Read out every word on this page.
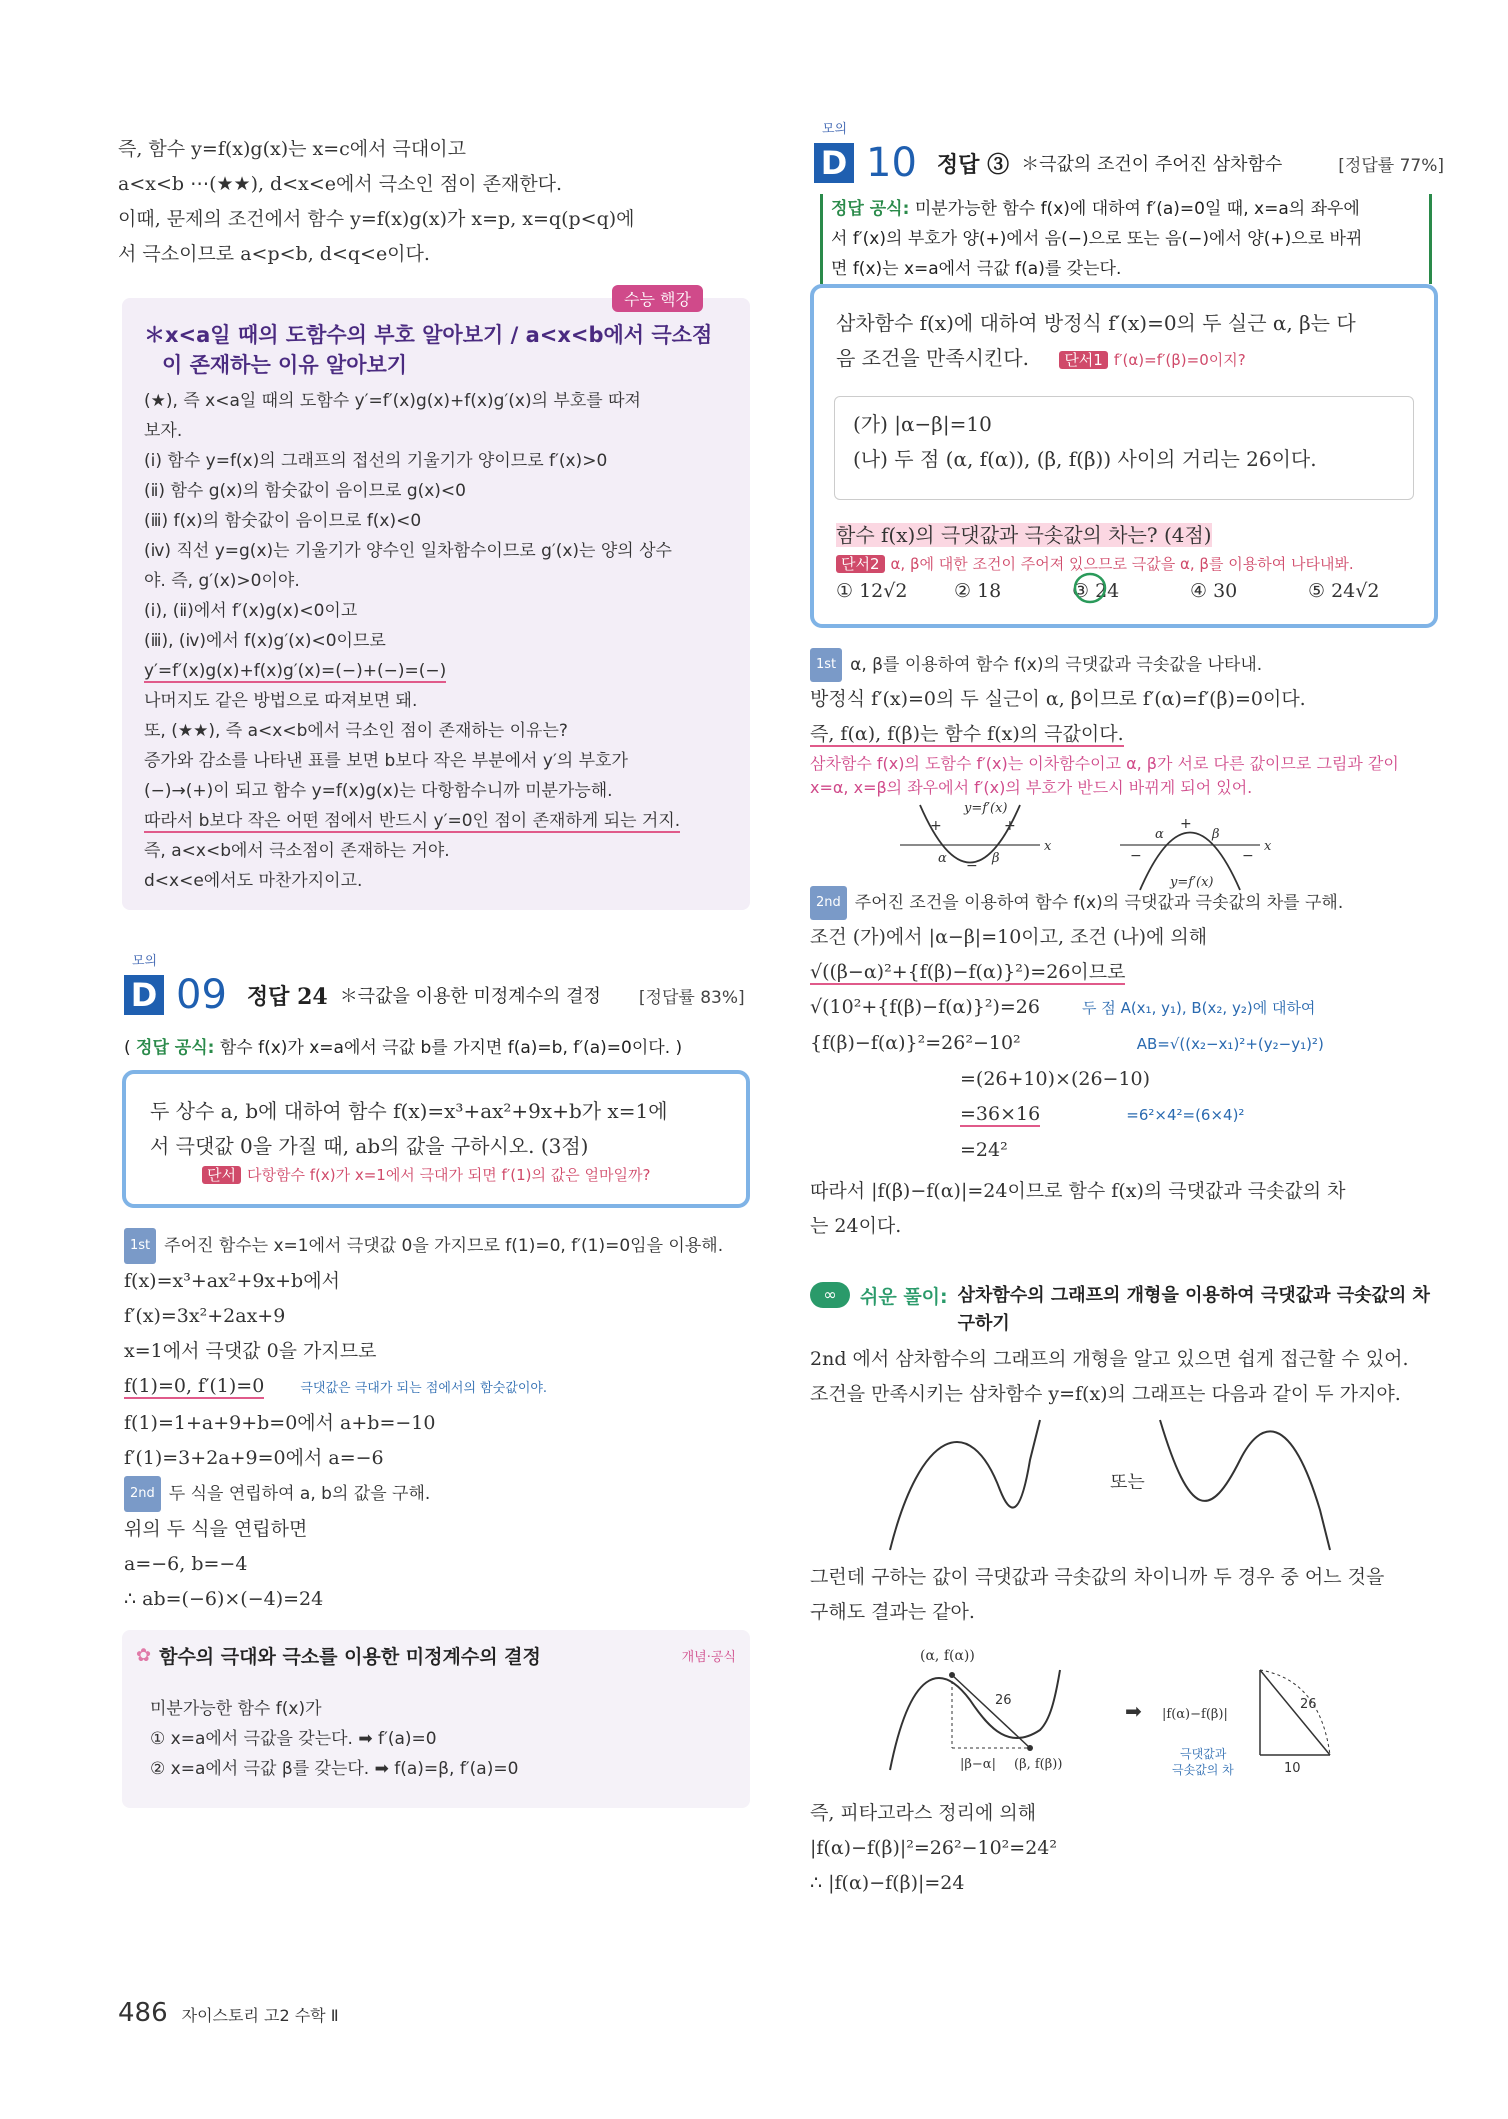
즉, 함수 y=f(x)g(x)는 x=c에서 극대이고
a<x<b ⋯(★★), d<x<e에서 극소인 점이 존재한다.
이때, 문제의 조건에서 함수 y=f(x)g(x)가 x=p, x=q(p<q)에
서 극소이므로 a<p<b, d<q<e이다.
수능 핵강
＊x<a일 때의 도함수의 부호 알아보기 / a<x<b에서 극소점
이 존재하는 이유 알아보기
(★), 즉 x<a일 때의 도함수 y′=f′(x)g(x)+f(x)g′(x)의 부호를 따져
보자.
(ⅰ) 함수 y=f(x)의 그래프의 접선의 기울기가 양이므로 f′(x)>0
(ⅱ) 함수 g(x)의 함숫값이 음이므로 g(x)<0
(ⅲ) f(x)의 함숫값이 음이므로 f(x)<0
(ⅳ) 직선 y=g(x)는 기울기가 양수인 일차함수이므로 g′(x)는 양의 상수
야. 즉, g′(x)>0이야.
(ⅰ), (ⅱ)에서 f′(x)g(x)<0이고
(ⅲ), (ⅳ)에서 f(x)g′(x)<0이므로
y′=f′(x)g(x)+f(x)g′(x)=(−)+(−)=(−)
나머지도 같은 방법으로 따져보면 돼.
또, (★★), 즉 a<x<b에서 극소인 점이 존재하는 이유는?
증가와 감소를 나타낸 표를 보면 b보다 작은 부분에서 y′의 부호가
(−)→(+)이 되고 함수 y=f(x)g(x)는 다항함수니까 미분가능해.
따라서 b보다 작은 어떤 점에서 반드시 y′=0인 점이 존재하게 되는 거지.
즉, a<x<b에서 극소점이 존재하는 거야.
d<x<e에서도 마찬가지이고.
모의
D 09 정답 24 ＊극값을 이용한 미정계수의 결정 [정답률 83%]
( 정답 공식: 함수 f(x)가 x=a에서 극값 b를 가지면 f(a)=b, f′(a)=0이다. )
두 상수 a, b에 대하여 함수 f(x)=x³+ax²+9x+b가 x=1에
서 극댓값 0을 가질 때, ab의 값을 구하시오. (3점)
단서 다항함수 f(x)가 x=1에서 극대가 되면 f′(1)의 값은 얼마일까?
1st 주어진 함수는 x=1에서 극댓값 0을 가지므로 f(1)=0, f′(1)=0임을 이용해.
f(x)=x³+ax²+9x+b에서
f′(x)=3x²+2ax+9
x=1에서 극댓값 0을 가지므로
f(1)=0, f′(1)=0	극댓값은 극대가 되는 점에서의 함숫값이야.
f(1)=1+a+9+b=0에서 a+b=−10
f′(1)=3+2a+9=0에서 a=−6
2nd 두 식을 연립하여 a, b의 값을 구해.
위의 두 식을 연립하면
a=−6, b=−4
∴ ab=(−6)×(−4)=24
✿ 함수의 극대와 극소를 이용한 미정계수의 결정	개념·공식
미분가능한 함수 f(x)가
① x=a에서 극값을 갖는다. ➡ f′(a)=0
② x=a에서 극값 β를 갖는다. ➡ f(a)=β, f′(a)=0
모의
D 10 정답 ③ ＊극값의 조건이 주어진 삼차함수	[정답률 77%]
정답 공식: 미분가능한 함수 f(x)에 대하여 f′(a)=0일 때, x=a의 좌우에
서 f′(x)의 부호가 양(+)에서 음(−)으로 또는 음(−)에서 양(+)으로 바뀌
면 f(x)는 x=a에서 극값 f(a)를 갖는다.
삼차함수 f(x)에 대하여 방정식 f′(x)=0의 두 실근 α, β는 다
음 조건을 만족시킨다. 단서1 f′(α)=f′(β)=0이지?
(가) |α−β|=10
(나) 두 점 (α, f(α)), (β, f(β)) 사이의 거리는 26이다.
함수 f(x)의 극댓값과 극솟값의 차는? (4점)
단서2 α, β에 대한 조건이 주어져 있으므로 극값을 α, β를 이용하여 나타내봐.
① 12√2	② 18	③ 24	④ 30	⑤ 24√2
1st α, β를 이용하여 함수 f(x)의 극댓값과 극솟값을 나타내.
방정식 f′(x)=0의 두 실근이 α, β이므로 f′(α)=f′(β)=0이다.
즉, f(α), f(β)는 함수 f(x)의 극값이다.
삼차함수 f(x)의 도함수 f′(x)는 이차함수이고 α, β가 서로 다른 값이므로 그림과 같이
x=α, x=β의 좌우에서 f′(x)의 부호가 반드시 바뀌게 되어 있어.
+	+
−
α	β
x
y=f′(x)
+
−	−
α	β
x
y=f′(x)
2nd 주어진 조건을 이용하여 함수 f(x)의 극댓값과 극솟값의 차를 구해.
조건 (가)에서 |α−β|=10이고, 조건 (나)에 의해
√((β−α)²+{f(β)−f(α)}²)=26이므로
√(10²+{f(β)−f(α)}²)=26	두 점 A(x₁, y₁), B(x₂, y₂)에 대하여
{f(β)−f(α)}²=26²−10²	AB=√((x₂−x₁)²+(y₂−y₁)²)
=(26+10)×(26−10)
=36×16	=6²×4²=(6×4)²
=24²
따라서 |f(β)−f(α)|=24이므로 함수 f(x)의 극댓값과 극솟값의 차
는 24이다.
∞	쉬운 풀이: 삼차함수의 그래프의 개형을 이용하여 극댓값과 극솟값의 차
구하기
2nd 에서 삼차함수의 그래프의 개형을 알고 있으면 쉽게 접근할 수 있어.
조건을 만족시키는 삼차함수 y=f(x)의 그래프는 다음과 같이 두 가지야.
또는
그런데 구하는 값이 극댓값과 극솟값의 차이니까 두 경우 중 어느 것을
구해도 결과는 같아.
(α, f(α))
26
|β−α| (β, f(β))
➡ |f(α)−f(β)|
26
10
극댓값과
극솟값의 차
즉, 피타고라스 정리에 의해
|f(α)−f(β)|²=26²−10²=24²
∴ |f(α)−f(β)|=24
486 자이스토리 고2 수학 Ⅱ
